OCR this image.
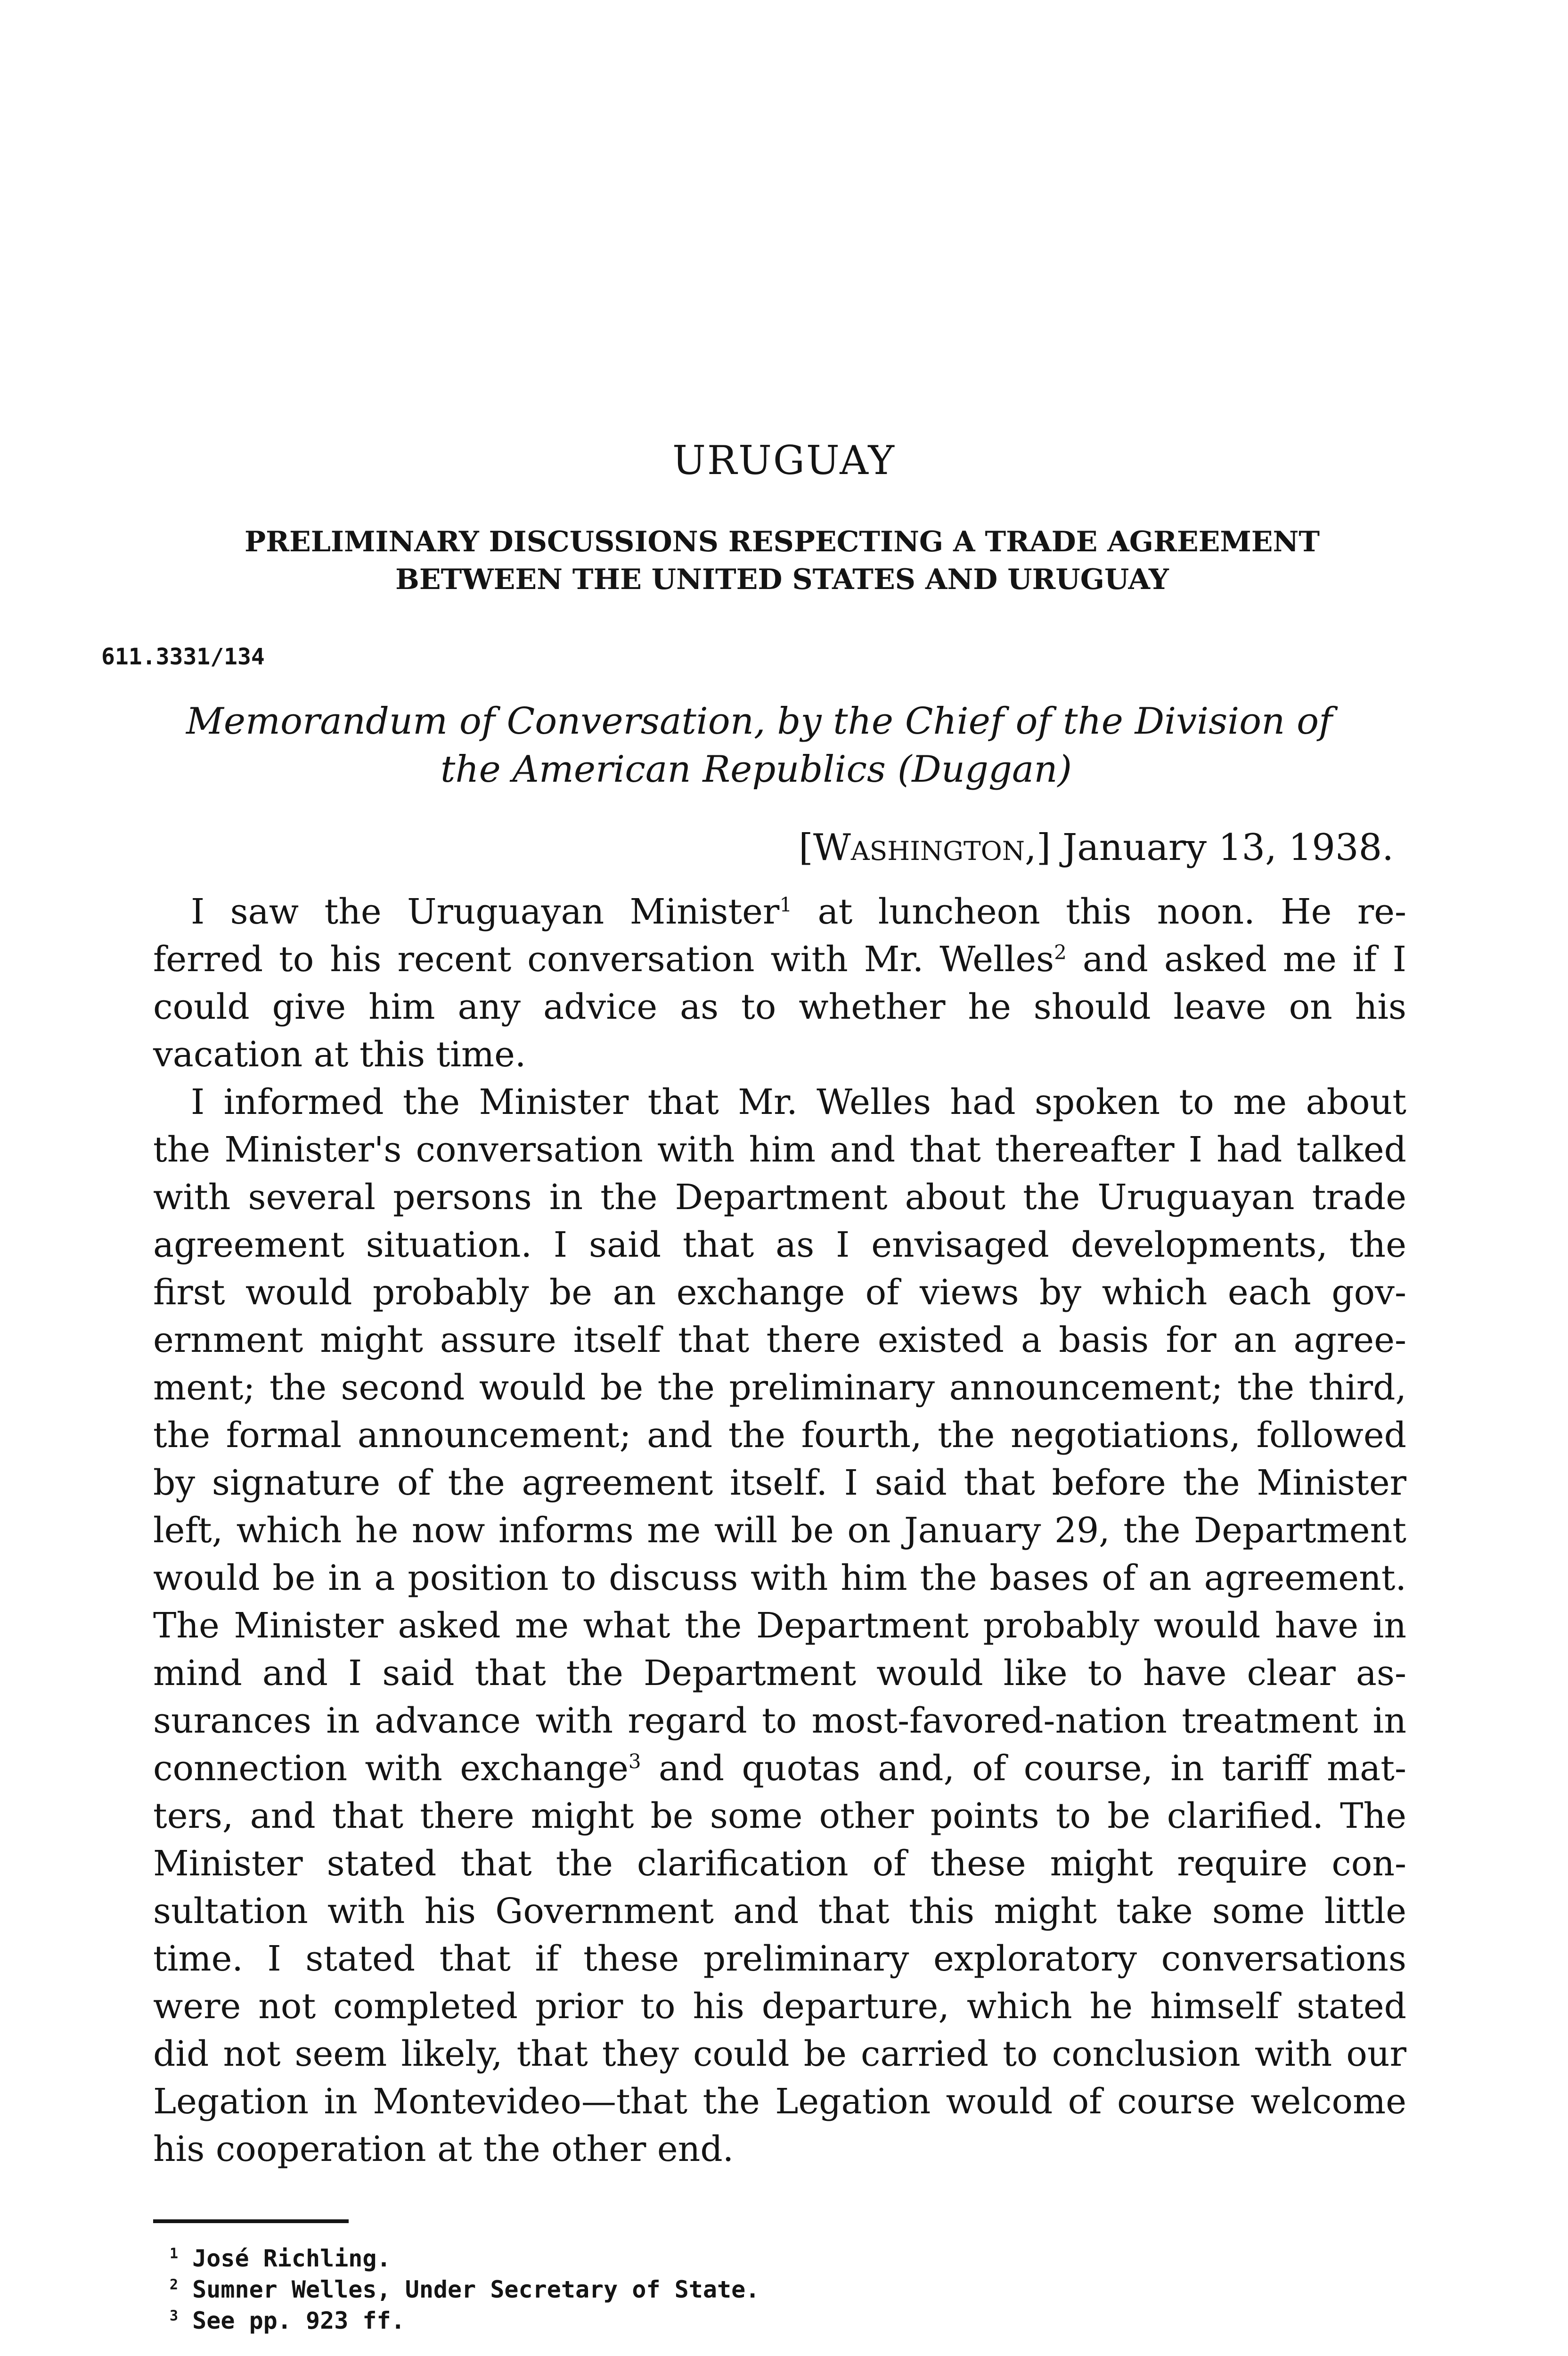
URUGUAY
PRELIMINARY DISCUSSIONS RESPECTING A TRADE AGREEMENT
BETWEEN THE UNITED STATES AND URUGUAY
611.3331/134
Memorandum of Conversation, by the Chief of the Division of
the American Republics (Duggan)
[Washington,] January 13, 1938.
I saw the Uruguayan Minister$^1$ at luncheon this noon. He re-
ferred to his recent conversation with Mr. Welles$^2$ and asked me if I
could give him any advice as to whether he should leave on his
vacation at this time.
I informed the Minister that Mr. Welles had spoken to me about
the Minister's conversation with him and that thereafter I had talked
with several persons in the Department about the Uruguayan trade
agreement situation. I said that as I envisaged developments, the
first would probably be an exchange of views by which each gov-
ernment might assure itself that there existed a basis for an agree-
ment; the second would be the preliminary announcement; the third,
the formal announcement; and the fourth, the negotiations, followed
by signature of the agreement itself. I said that before the Minister
left, which he now informs me will be on January 29, the Department
would be in a position to discuss with him the bases of an agreement.
The Minister asked me what the Department probably would have in
mind and I said that the Department would like to have clear as-
surances in advance with regard to most-favored-nation treatment in
connection with exchange$^3$ and quotas and, of course, in tariff mat-
ters, and that there might be some other points to be clarified. The
Minister stated that the clarification of these might require con-
sultation with his Government and that this might take some little
time. I stated that if these preliminary exploratory conversations
were not completed prior to his departure, which he himself stated
did not seem likely, that they could be carried to conclusion with our
Legation in Montevideo—that the Legation would of course welcome
his cooperation at the other end.
$^1$ José Richling.
$^2$ Sumner Welles, Under Secretary of State.
$^3$ See pp. 923 ff.
